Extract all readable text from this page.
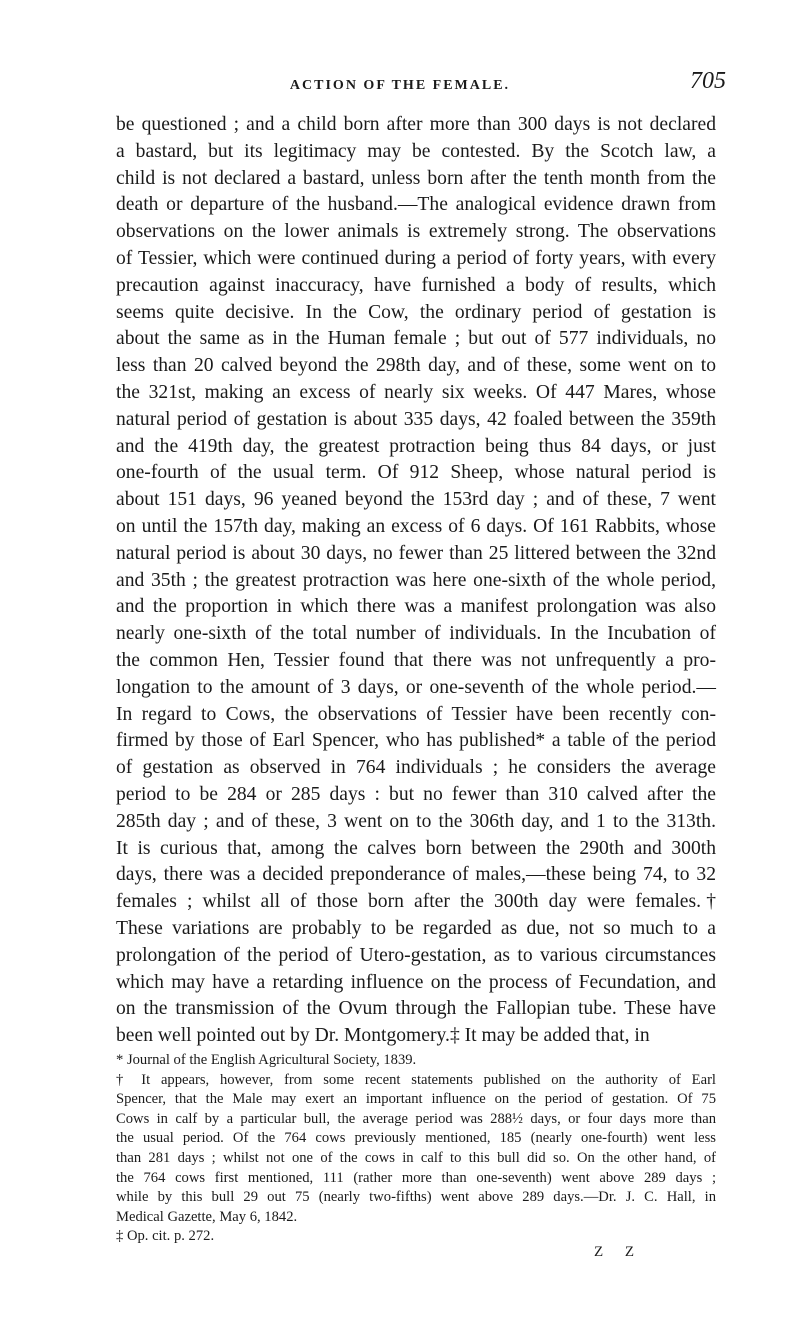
ACTION OF THE FEMALE.	705
be questioned ; and a child born after more than 300 days is not declared
a bastard, but its legitimacy may be contested. By the Scotch law, a
child is not declared a bastard, unless born after the tenth month from the
death or departure of the husband.—The analogical evidence drawn from
observations on the lower animals is extremely strong. The observations
of Tessier, which were continued during a period of forty years, with every
precaution against inaccuracy, have furnished a body of results, which
seems quite decisive. In the Cow, the ordinary period of gestation is
about the same as in the Human female ; but out of 577 individuals, no
less than 20 calved beyond the 298th day, and of these, some went on to
the 321st, making an excess of nearly six weeks. Of 447 Mares, whose
natural period of gestation is about 335 days, 42 foaled between the 359th
and the 419th day, the greatest protraction being thus 84 days, or just
one-fourth of the usual term. Of 912 Sheep, whose natural period is
about 151 days, 96 yeaned beyond the 153rd day ; and of these, 7 went
on until the 157th day, making an excess of 6 days. Of 161 Rabbits, whose
natural period is about 30 days, no fewer than 25 littered between the 32nd
and 35th ; the greatest protraction was here one-sixth of the whole period,
and the proportion in which there was a manifest prolongation was also
nearly one-sixth of the total number of individuals. In the Incubation of
the common Hen, Tessier found that there was not unfrequently a pro-
longation to the amount of 3 days, or one-seventh of the whole period.—
In regard to Cows, the observations of Tessier have been recently con-
firmed by those of Earl Spencer, who has published* a table of the period
of gestation as observed in 764 individuals ; he considers the average
period to be 284 or 285 days : but no fewer than 310 calved after the
285th day ; and of these, 3 went on to the 306th day, and 1 to the 313th.
It is curious that, among the calves born between the 290th and 300th
days, there was a decided preponderance of males,—these being 74, to 32
females ; whilst all of those born after the 300th day were females.†
These variations are probably to be regarded as due, not so much to a
prolongation of the period of Utero-gestation, as to various circumstances
which may have a retarding influence on the process of Fecundation, and
on the transmission of the Ovum through the Fallopian tube. These have
been well pointed out by Dr. Montgomery.‡ It may be added that, in
* Journal of the English Agricultural Society, 1839.
† It appears, however, from some recent statements published on the authority of Earl
Spencer, that the Male may exert an important influence on the period of gestation. Of 75
Cows in calf by a particular bull, the average period was 288½ days, or four days more than
the usual period. Of the 764 cows previously mentioned, 185 (nearly one-fourth) went less
than 281 days ; whilst not one of the cows in calf to this bull did so. On the other hand, of
the 764 cows first mentioned, 111 (rather more than one-seventh) went above 289 days ;
while by this bull 29 out 75 (nearly two-fifths) went above 289 days.—Dr. J. C. Hall, in
Medical Gazette, May 6, 1842.
‡ Op. cit. p. 272.
Z Z
